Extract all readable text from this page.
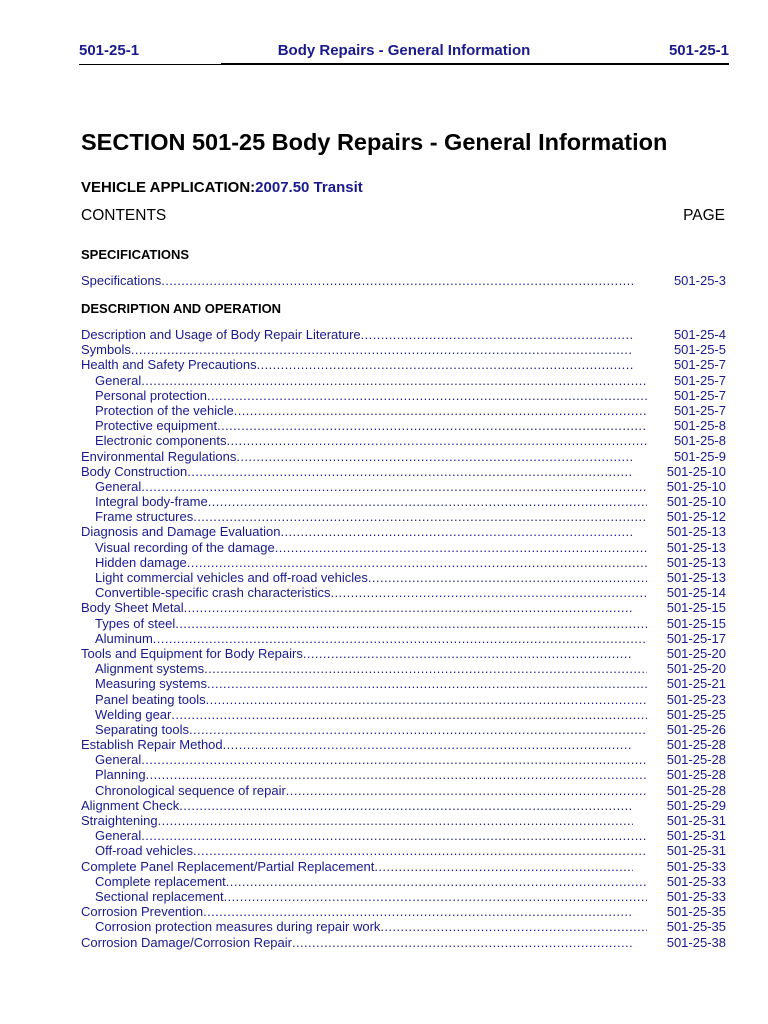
501-25-1	Body Repairs - General Information	501-25-1
SECTION 501-25 Body Repairs - General Information
VEHICLE APPLICATION:2007.50 Transit
CONTENTS	PAGE
SPECIFICATIONS
Specifications .....	501-25-3
DESCRIPTION AND OPERATION
Description and Usage of Body Repair Literature .....	501-25-4
Symbols .....	501-25-5
Health and Safety Precautions .....	501-25-7
General .....	501-25-7
Personal protection .....	501-25-7
Protection of the vehicle .....	501-25-7
Protective equipment .....	501-25-8
Electronic components .....	501-25-8
Environmental Regulations .....	501-25-9
Body Construction .....	501-25-10
General .....	501-25-10
Integral body-frame .....	501-25-10
Frame structures .....	501-25-12
Diagnosis and Damage Evaluation .....	501-25-13
Visual recording of the damage .....	501-25-13
Hidden damage .....	501-25-13
Light commercial vehicles and off-road vehicles .....	501-25-13
Convertible-specific crash characteristics .....	501-25-14
Body Sheet Metal .....	501-25-15
Types of steel .....	501-25-15
Aluminum .....	501-25-17
Tools and Equipment for Body Repairs .....	501-25-20
Alignment systems .....	501-25-20
Measuring systems .....	501-25-21
Panel beating tools .....	501-25-23
Welding gear .....	501-25-25
Separating tools .....	501-25-26
Establish Repair Method .....	501-25-28
General .....	501-25-28
Planning .....	501-25-28
Chronological sequence of repair .....	501-25-28
Alignment Check .....	501-25-29
Straightening .....	501-25-31
General .....	501-25-31
Off-road vehicles .....	501-25-31
Complete Panel Replacement/Partial Replacement .....	501-25-33
Complete replacement .....	501-25-33
Sectional replacement .....	501-25-33
Corrosion Prevention .....	501-25-35
Corrosion protection measures during repair work .....	501-25-35
Corrosion Damage/Corrosion Repair .....	501-25-38
